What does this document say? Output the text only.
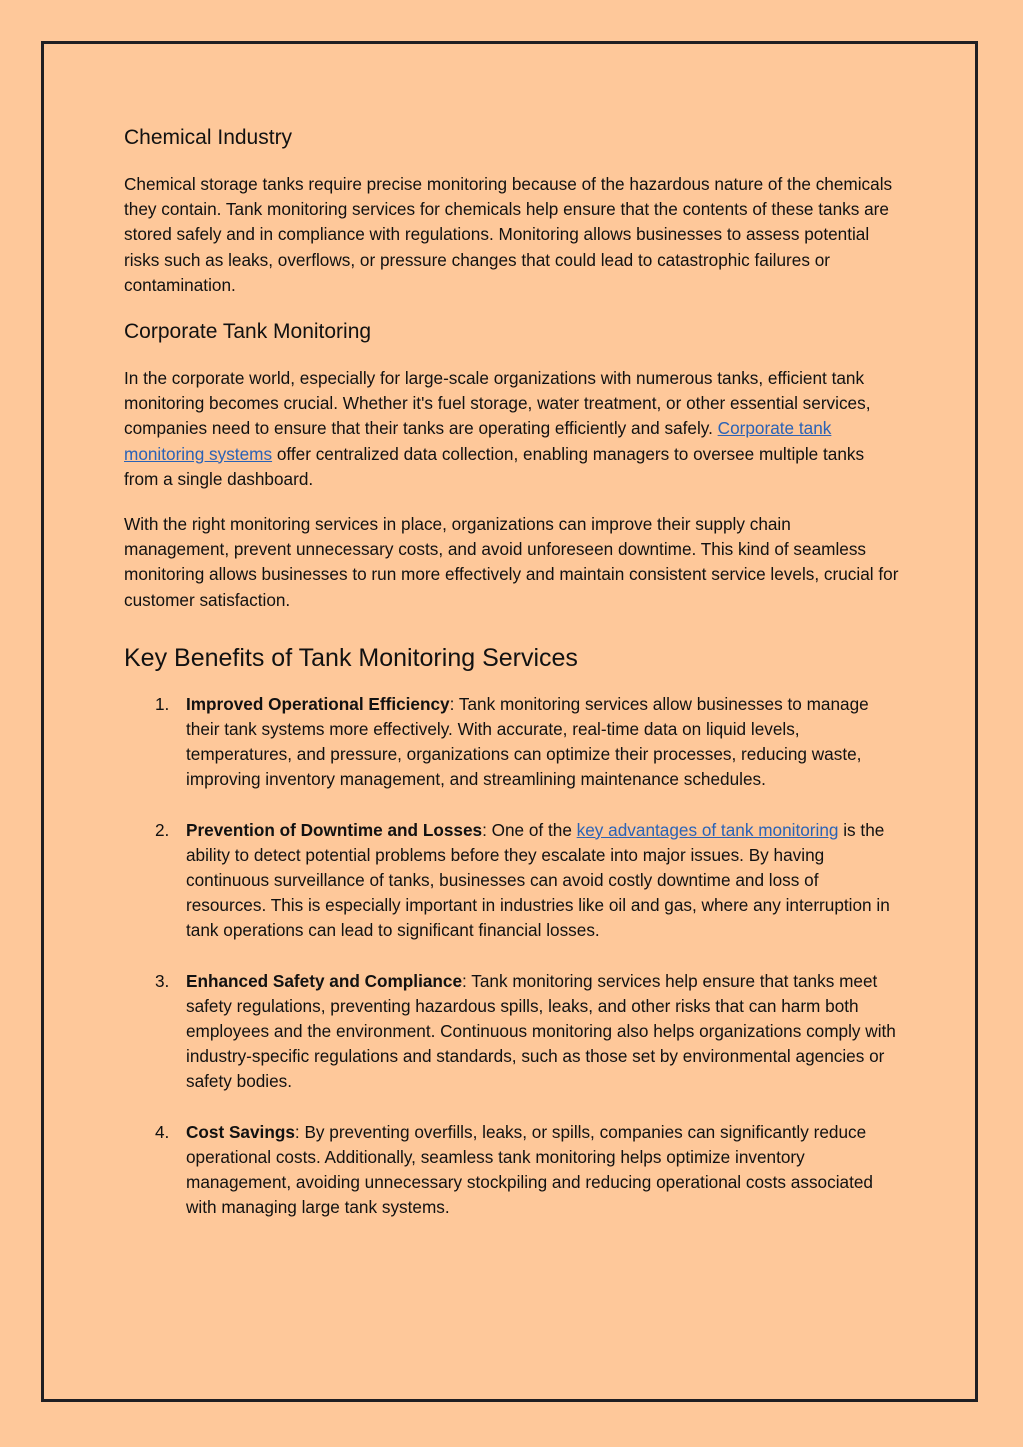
Chemical Industry

Chemical storage tanks require precise monitoring because of the hazardous nature of the chemicals they contain. Tank monitoring services for chemicals help ensure that the contents of these tanks are stored safely and in compliance with regulations. Monitoring allows businesses to assess potential risks such as leaks, overflows, or pressure changes that could lead to catastrophic failures or contamination.

Corporate Tank Monitoring

In the corporate world, especially for large-scale organizations with numerous tanks, efficient tank monitoring becomes crucial. Whether it's fuel storage, water treatment, or other essential services, companies need to ensure that their tanks are operating efficiently and safely. Corporate tank monitoring systems offer centralized data collection, enabling managers to oversee multiple tanks from a single dashboard.

With the right monitoring services in place, organizations can improve their supply chain management, prevent unnecessary costs, and avoid unforeseen downtime. This kind of seamless monitoring allows businesses to run more effectively and maintain consistent service levels, crucial for customer satisfaction.

Key Benefits of Tank Monitoring Services
1. Improved Operational Efficiency: Tank monitoring services allow businesses to manage their tank systems more effectively. With accurate, real-time data on liquid levels, temperatures, and pressure, organizations can optimize their processes, reducing waste, improving inventory management, and streamlining maintenance schedules.
2. Prevention of Downtime and Losses: One of the key advantages of tank monitoring is the ability to detect potential problems before they escalate into major issues. By having continuous surveillance of tanks, businesses can avoid costly downtime and loss of resources. This is especially important in industries like oil and gas, where any interruption in tank operations can lead to significant financial losses.
3. Enhanced Safety and Compliance: Tank monitoring services help ensure that tanks meet safety regulations, preventing hazardous spills, leaks, and other risks that can harm both employees and the environment. Continuous monitoring also helps organizations comply with industry-specific regulations and standards, such as those set by environmental agencies or safety bodies.
4. Cost Savings: By preventing overfills, leaks, or spills, companies can significantly reduce operational costs. Additionally, seamless tank monitoring helps optimize inventory management, avoiding unnecessary stockpiling and reducing operational costs associated with managing large tank systems.
